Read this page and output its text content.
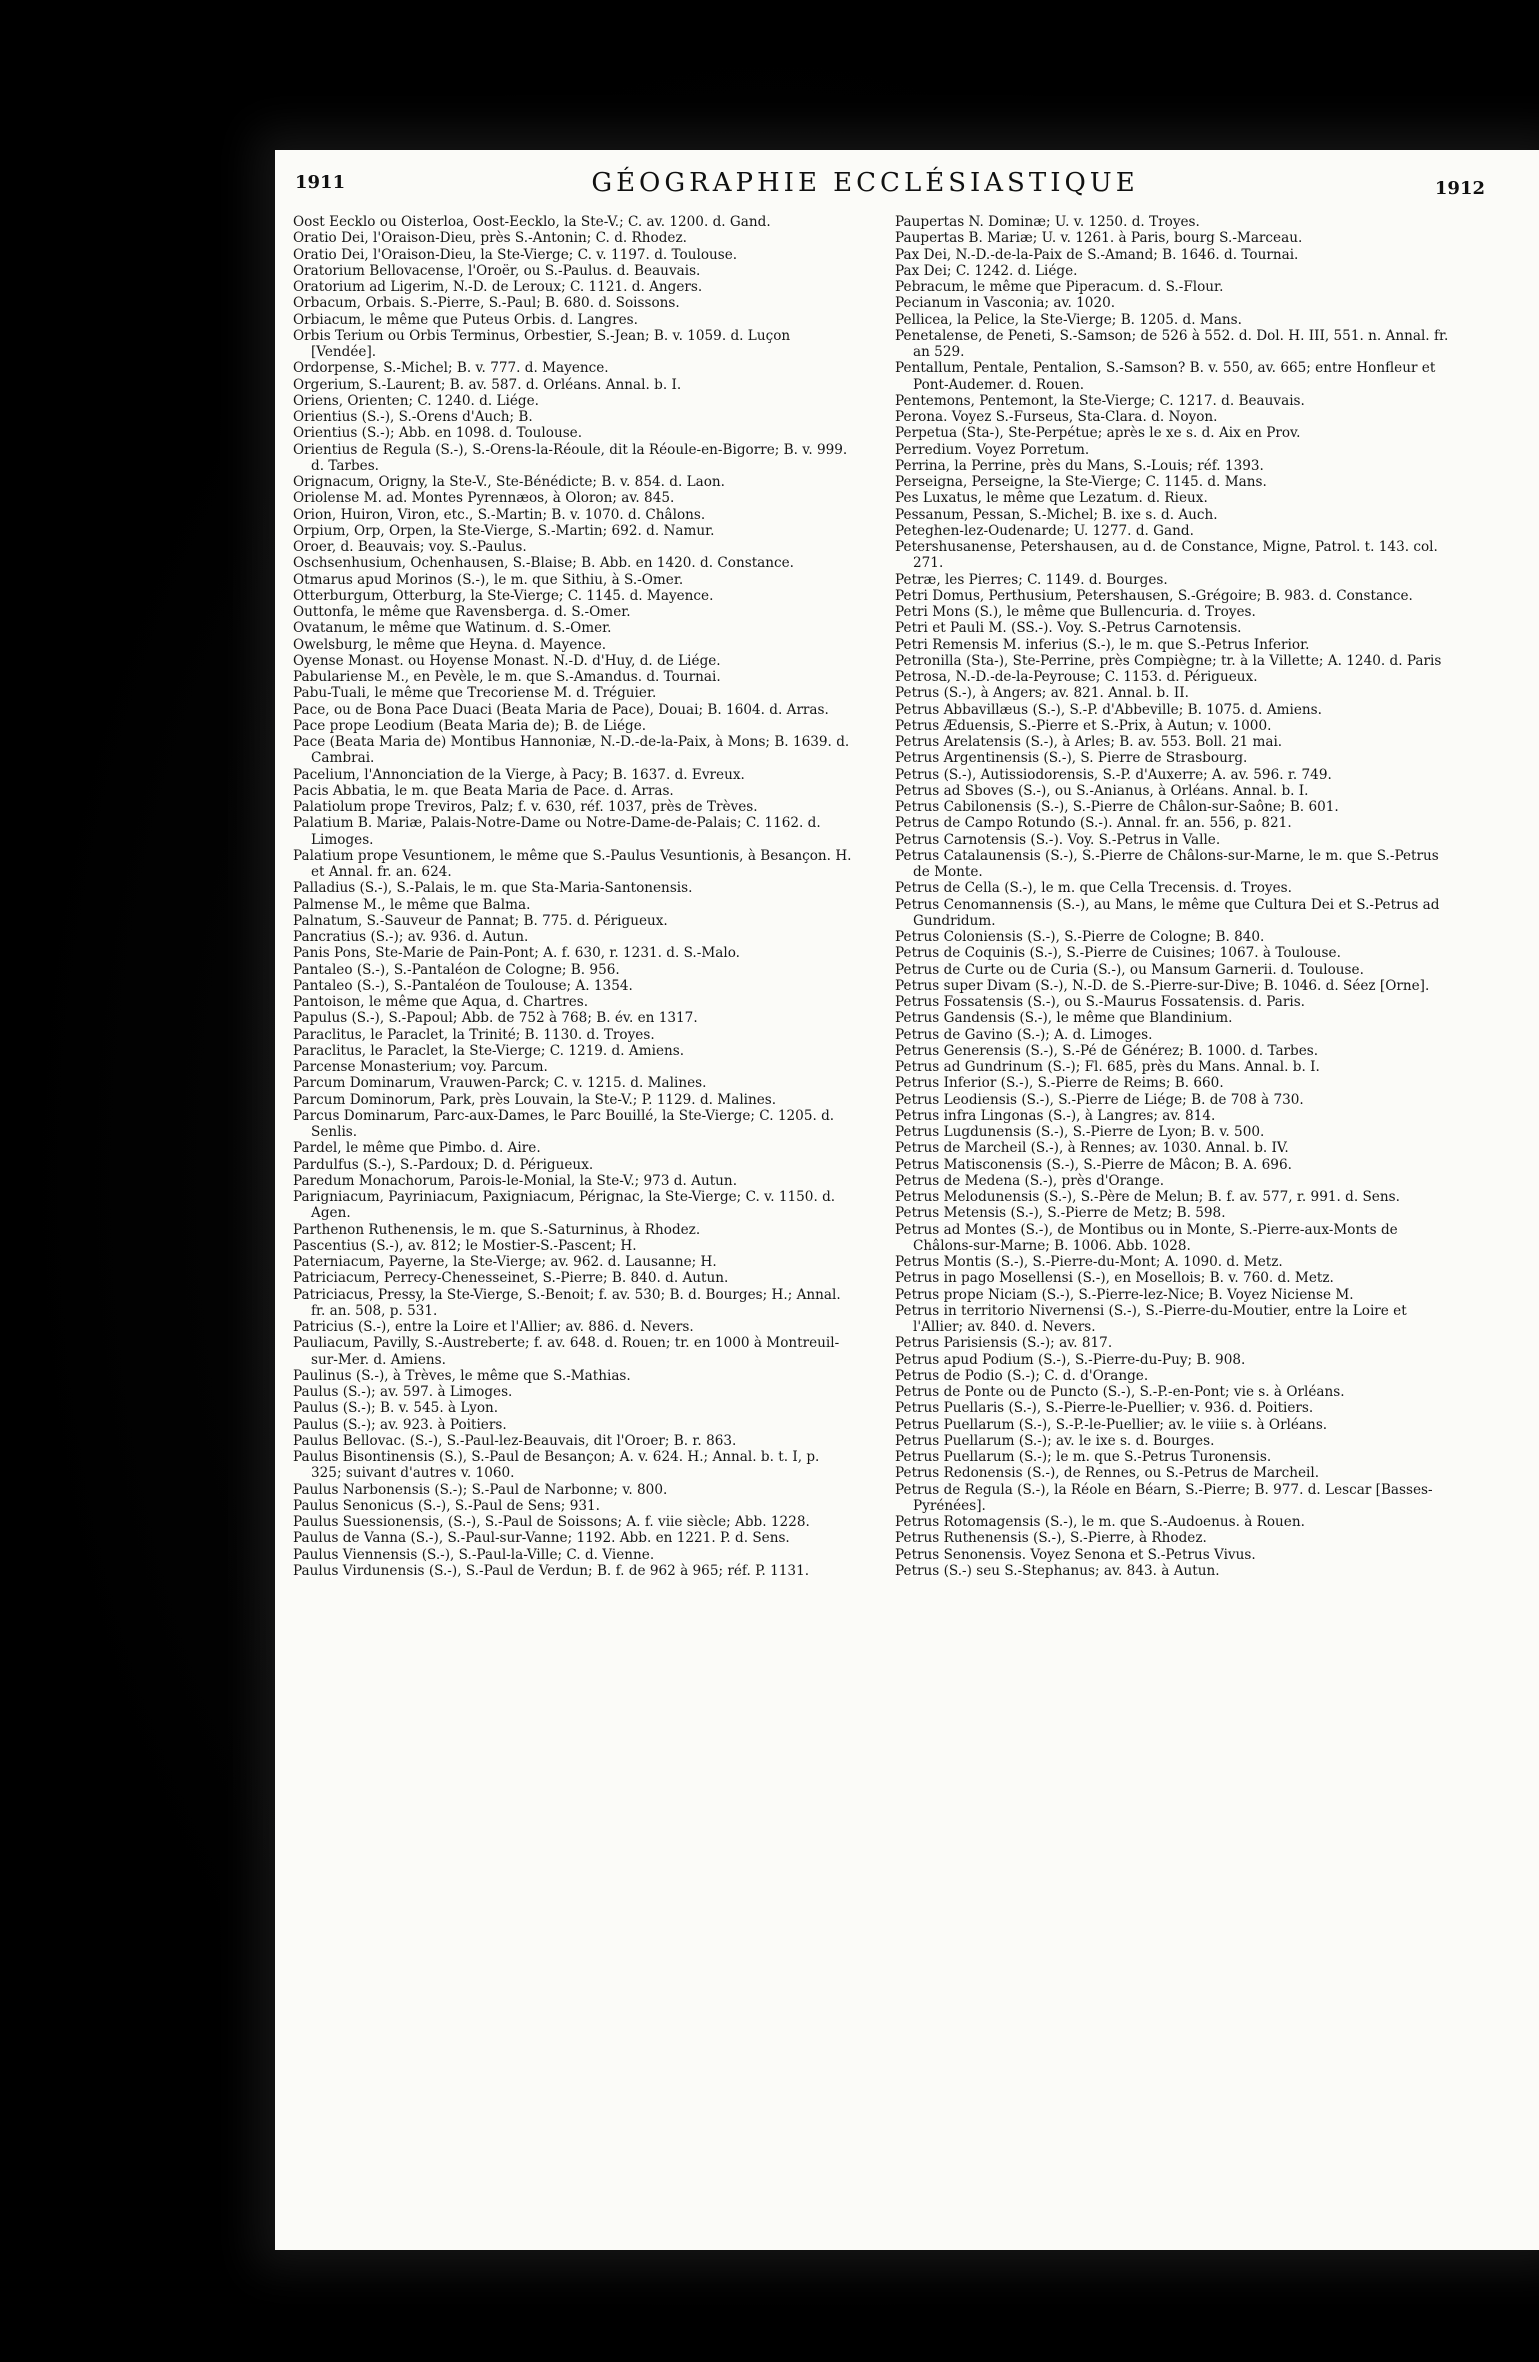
1911	GÉOGRAPHIE ECCLÉSIASTIQUE	1912

Oost Eecklo ou Oisterloa, Oost-Eecklo, la Ste-V.; C. av. 1200. d. Gand.

Oratio Dei, l'Oraison-Dieu, près S.-Antonin; C. d. Rhodez.

Oratio Dei, l'Oraison-Dieu, la Ste-Vierge; C. v. 1197. d. Toulouse.

Oratorium Bellovacense, l'Oroër, ou S.-Paulus. d. Beauvais.

Oratorium ad Ligerim, N.-D. de Leroux; C. 1121. d. Angers.

Orbacum, Orbais. S.-Pierre, S.-Paul; B. 680. d. Soissons.

Orbiacum, le même que Puteus Orbis. d. Langres.

Orbis Terium ou Orbis Terminus, Orbestier, S.-Jean; B. v. 1059. d. Luçon [Vendée].

Ordorpense, S.-Michel; B. v. 777. d. Mayence.

Orgerium, S.-Laurent; B. av. 587. d. Orléans. Annal. b. I.

Oriens, Orienten; C. 1240. d. Liége.

Orientius (S.-), S.-Orens d'Auch; B.

Orientius (S.-); Abb. en 1098. d. Toulouse.

Orientius de Regula (S.-), S.-Orens-la-Réoule, dit la Réoule-en-Bigorre; B. v. 999. d. Tarbes.

Orignacum, Origny, la Ste-V., Ste-Bénédicte; B. v. 854. d. Laon.

Oriolense M. ad. Montes Pyrennæos, à Oloron; av. 845.

Orion, Huiron, Viron, etc., S.-Martin; B. v. 1070. d. Châlons.

Orpium, Orp, Orpen, la Ste-Vierge, S.-Martin; 692. d. Namur.

Oroer, d. Beauvais; voy. S.-Paulus.

Oschsenhusium, Ochenhausen, S.-Blaise; B. Abb. en 1420. d. Constance.

Otmarus apud Morinos (S.-), le m. que Sithiu, à S.-Omer.

Otterburgum, Otterburg, la Ste-Vierge; C. 1145. d. Mayence.

Outtonfa, le même que Ravensberga. d. S.-Omer.

Ovatanum, le même que Watinum. d. S.-Omer.

Owelsburg, le même que Heyna. d. Mayence.

Oyense Monast. ou Hoyense Monast. N.-D. d'Huy, d. de Liége.

Pabulariense M., en Pevèle, le m. que S.-Amandus. d. Tournai.

Pabu-Tuali, le même que Trecoriense M. d. Tréguier.

Pace, ou de Bona Pace Duaci (Beata Maria de Pace), Douai; B. 1604. d. Arras.

Pace prope Leodium (Beata Maria de); B. de Liége.

Pace (Beata Maria de) Montibus Hannoniæ, N.-D.-de-la-Paix, à Mons; B. 1639. d. Cambrai.

Pacelium, l'Annonciation de la Vierge, à Pacy; B. 1637. d. Evreux.

Pacis Abbatia, le m. que Beata Maria de Pace. d. Arras.

Palatiolum prope Treviros, Palz; f. v. 630, réf. 1037, près de Trèves.

Palatium B. Mariæ, Palais-Notre-Dame ou Notre-Dame-de-Palais; C. 1162. d. Limoges.

Palatium prope Vesuntionem, le même que S.-Paulus Vesuntionis, à Besançon. H. et Annal. fr. an. 624.

Palladius (S.-), S.-Palais, le m. que Sta-Maria-Santonensis.

Palmense M., le même que Balma.

Palnatum, S.-Sauveur de Pannat; B. 775. d. Périgueux.

Pancratius (S.-); av. 936. d. Autun.

Panis Pons, Ste-Marie de Pain-Pont; A. f. 630, r. 1231. d. S.-Malo.

Pantaleo (S.-), S.-Pantaléon de Cologne; B. 956.

Pantaleo (S.-), S.-Pantaléon de Toulouse; A. 1354.

Pantoison, le même que Aqua, d. Chartres.

Papulus (S.-), S.-Papoul; Abb. de 752 à 768; B. év. en 1317.

Paraclitus, le Paraclet, la Trinité; B. 1130. d. Troyes.

Paraclitus, le Paraclet, la Ste-Vierge; C. 1219. d. Amiens.

Parcense Monasterium; voy. Parcum.

Parcum Dominarum, Vrauwen-Parck; C. v. 1215. d. Malines.

Parcum Dominorum, Park, près Louvain, la Ste-V.; P. 1129. d. Malines.

Parcus Dominarum, Parc-aux-Dames, le Parc Bouillé, la Ste-Vierge; C. 1205. d. Senlis.

Pardel, le même que Pimbo. d. Aire.

Pardulfus (S.-), S.-Pardoux; D. d. Périgueux.

Paredum Monachorum, Parois-le-Monial, la Ste-V.; 973 d. Autun.

Parigniacum, Payriniacum, Paxigniacum, Pérignac, la Ste-Vierge; C. v. 1150. d. Agen.

Parthenon Ruthenensis, le m. que S.-Saturninus, à Rhodez.

Pascentius (S.-), av. 812; le Mostier-S.-Pascent; H.

Paterniacum, Payerne, la Ste-Vierge; av. 962. d. Lausanne; H.

Patriciacum, Perrecy-Chenesseinet, S.-Pierre; B. 840. d. Autun.

Patriciacus, Pressy, la Ste-Vierge, S.-Benoit; f. av. 530; B. d. Bourges; H.; Annal. fr. an. 508, p. 531.

Patricius (S.-), entre la Loire et l'Allier; av. 886. d. Nevers.

Pauliacum, Pavilly, S.-Austreberte; f. av. 648. d. Rouen; tr. en 1000 à Montreuil-sur-Mer. d. Amiens.

Paulinus (S.-), à Trèves, le même que S.-Mathias.

Paulus (S.-); av. 597. à Limoges.

Paulus (S.-); B. v. 545. à Lyon.

Paulus (S.-); av. 923. à Poitiers.

Paulus Bellovac. (S.-), S.-Paul-lez-Beauvais, dit l'Oroer; B. r. 863.

Paulus Bisontinensis (S.), S.-Paul de Besançon; A. v. 624. H.; Annal. b. t. I, p. 325; suivant d'autres v. 1060.

Paulus Narbonensis (S.-); S.-Paul de Narbonne; v. 800.

Paulus Senonicus (S.-), S.-Paul de Sens; 931.

Paulus Suessionensis, (S.-), S.-Paul de Soissons; A. f. viie siècle; Abb. 1228.

Paulus de Vanna (S.-), S.-Paul-sur-Vanne; 1192. Abb. en 1221. P. d. Sens.

Paulus Viennensis (S.-), S.-Paul-la-Ville; C. d. Vienne.

Paulus Virdunensis (S.-), S.-Paul de Verdun; B. f. de 962 à 965; réf. P. 1131.

Paupertas N. Dominæ; U. v. 1250. d. Troyes.

Paupertas B. Mariæ; U. v. 1261. à Paris, bourg S.-Marceau.

Pax Dei, N.-D.-de-la-Paix de S.-Amand; B. 1646. d. Tournai.

Pax Dei; C. 1242. d. Liége.

Pebracum, le même que Piperacum. d. S.-Flour.

Pecianum in Vasconia; av. 1020.

Pellicea, la Pelice, la Ste-Vierge; B. 1205. d. Mans.

Penetalense, de Peneti, S.-Samson; de 526 à 552. d. Dol. H. III, 551. n. Annal. fr. an 529.

Pentallum, Pentale, Pentalion, S.-Samson? B. v. 550, av. 665; entre Honfleur et Pont-Audemer. d. Rouen.

Pentemons, Pentemont, la Ste-Vierge; C. 1217. d. Beauvais.

Perona. Voyez S.-Furseus, Sta-Clara. d. Noyon.

Perpetua (Sta-), Ste-Perpétue; après le xe s. d. Aix en Prov.

Perredium. Voyez Porretum.

Perrina, la Perrine, près du Mans, S.-Louis; réf. 1393.

Perseigna, Perseigne, la Ste-Vierge; C. 1145. d. Mans.

Pes Luxatus, le même que Lezatum. d. Rieux.

Pessanum, Pessan, S.-Michel; B. ixe s. d. Auch.

Peteghen-lez-Oudenarde; U. 1277. d. Gand.

Petershusanense, Petershausen, au d. de Constance, Migne, Patrol. t. 143. col. 271.

Petræ, les Pierres; C. 1149. d. Bourges.

Petri Domus, Perthusium, Petershausen, S.-Grégoire; B. 983. d. Constance.

Petri Mons (S.), le même que Bullencuria. d. Troyes.

Petri et Pauli M. (SS.-). Voy. S.-Petrus Carnotensis.

Petri Remensis M. inferius (S.-), le m. que S.-Petrus Inferior.

Petronilla (Sta-), Ste-Perrine, près Compiègne; tr. à la Villette; A. 1240. d. Paris

Petrosa, N.-D.-de-la-Peyrouse; C. 1153. d. Périgueux.

Petrus (S.-), à Angers; av. 821. Annal. b. II.

Petrus Abbavillæus (S.-), S.-P. d'Abbeville; B. 1075. d. Amiens.

Petrus Æduensis, S.-Pierre et S.-Prix, à Autun; v. 1000.

Petrus Arelatensis (S.-), à Arles; B. av. 553. Boll. 21 mai.

Petrus Argentinensis (S.-), S. Pierre de Strasbourg.

Petrus (S.-), Autissiodorensis, S.-P. d'Auxerre; A. av. 596. r. 749.

Petrus ad Sboves (S.-), ou S.-Anianus, à Orléans. Annal. b. I.

Petrus Cabilonensis (S.-), S.-Pierre de Châlon-sur-Saône; B. 601.

Petrus de Campo Rotundo (S.-). Annal. fr. an. 556, p. 821.

Petrus Carnotensis (S.-). Voy. S.-Petrus in Valle.

Petrus Catalaunensis (S.-), S.-Pierre de Châlons-sur-Marne, le m. que S.-Petrus de Monte.

Petrus de Cella (S.-), le m. que Cella Trecensis. d. Troyes.

Petrus Cenomannensis (S.-), au Mans, le même que Cultura Dei et S.-Petrus ad Gundridum.

Petrus Coloniensis (S.-), S.-Pierre de Cologne; B. 840.

Petrus de Coquinis (S.-), S.-Pierre de Cuisines; 1067. à Toulouse.

Petrus de Curte ou de Curia (S.-), ou Mansum Garnerii. d. Toulouse.

Petrus super Divam (S.-), N.-D. de S.-Pierre-sur-Dive; B. 1046. d. Séez [Orne].

Petrus Fossatensis (S.-), ou S.-Maurus Fossatensis. d. Paris.

Petrus Gandensis (S.-), le même que Blandinium.

Petrus de Gavino (S.-); A. d. Limoges.

Petrus Generensis (S.-), S.-Pé de Générez; B. 1000. d. Tarbes.

Petrus ad Gundrinum (S.-); Fl. 685, près du Mans. Annal. b. I.

Petrus Inferior (S.-), S.-Pierre de Reims; B. 660.

Petrus Leodiensis (S.-), S.-Pierre de Liége; B. de 708 à 730.

Petrus infra Lingonas (S.-), à Langres; av. 814.

Petrus Lugdunensis (S.-), S.-Pierre de Lyon; B. v. 500.

Petrus de Marcheil (S.-), à Rennes; av. 1030. Annal. b. IV.

Petrus Matisconensis (S.-), S.-Pierre de Mâcon; B. A. 696.

Petrus de Medena (S.-), près d'Orange.

Petrus Melodunensis (S.-), S.-Père de Melun; B. f. av. 577, r. 991. d. Sens.

Petrus Metensis (S.-), S.-Pierre de Metz; B. 598.

Petrus ad Montes (S.-), de Montibus ou in Monte, S.-Pierre-aux-Monts de Châlons-sur-Marne; B. 1006. Abb. 1028.

Petrus Montis (S.-), S.-Pierre-du-Mont; A. 1090. d. Metz.

Petrus in pago Mosellensi (S.-), en Mosellois; B. v. 760. d. Metz.

Petrus prope Niciam (S.-), S.-Pierre-lez-Nice; B. Voyez Niciense M.

Petrus in territorio Nivernensi (S.-), S.-Pierre-du-Moutier, entre la Loire et l'Allier; av. 840. d. Nevers.

Petrus Parisiensis (S.-); av. 817.

Petrus apud Podium (S.-), S.-Pierre-du-Puy; B. 908.

Petrus de Podio (S.-); C. d. d'Orange.

Petrus de Ponte ou de Puncto (S.-), S.-P.-en-Pont; vie s. à Orléans.

Petrus Puellaris (S.-), S.-Pierre-le-Puellier; v. 936. d. Poitiers.

Petrus Puellarum (S.-), S.-P.-le-Puellier; av. le viiie s. à Orléans.

Petrus Puellarum (S.-); av. le ixe s. d. Bourges.

Petrus Puellarum (S.-); le m. que S.-Petrus Turonensis.

Petrus Redonensis (S.-), de Rennes, ou S.-Petrus de Marcheil.

Petrus de Regula (S.-), la Réole en Béarn, S.-Pierre; B. 977. d. Lescar [Basses-Pyrénées].

Petrus Rotomagensis (S.-), le m. que S.-Audoenus. à Rouen.

Petrus Ruthenensis (S.-), S.-Pierre, à Rhodez.

Petrus Senonensis. Voyez Senona et S.-Petrus Vivus.

Petrus (S.-) seu S.-Stephanus; av. 843. à Autun.
